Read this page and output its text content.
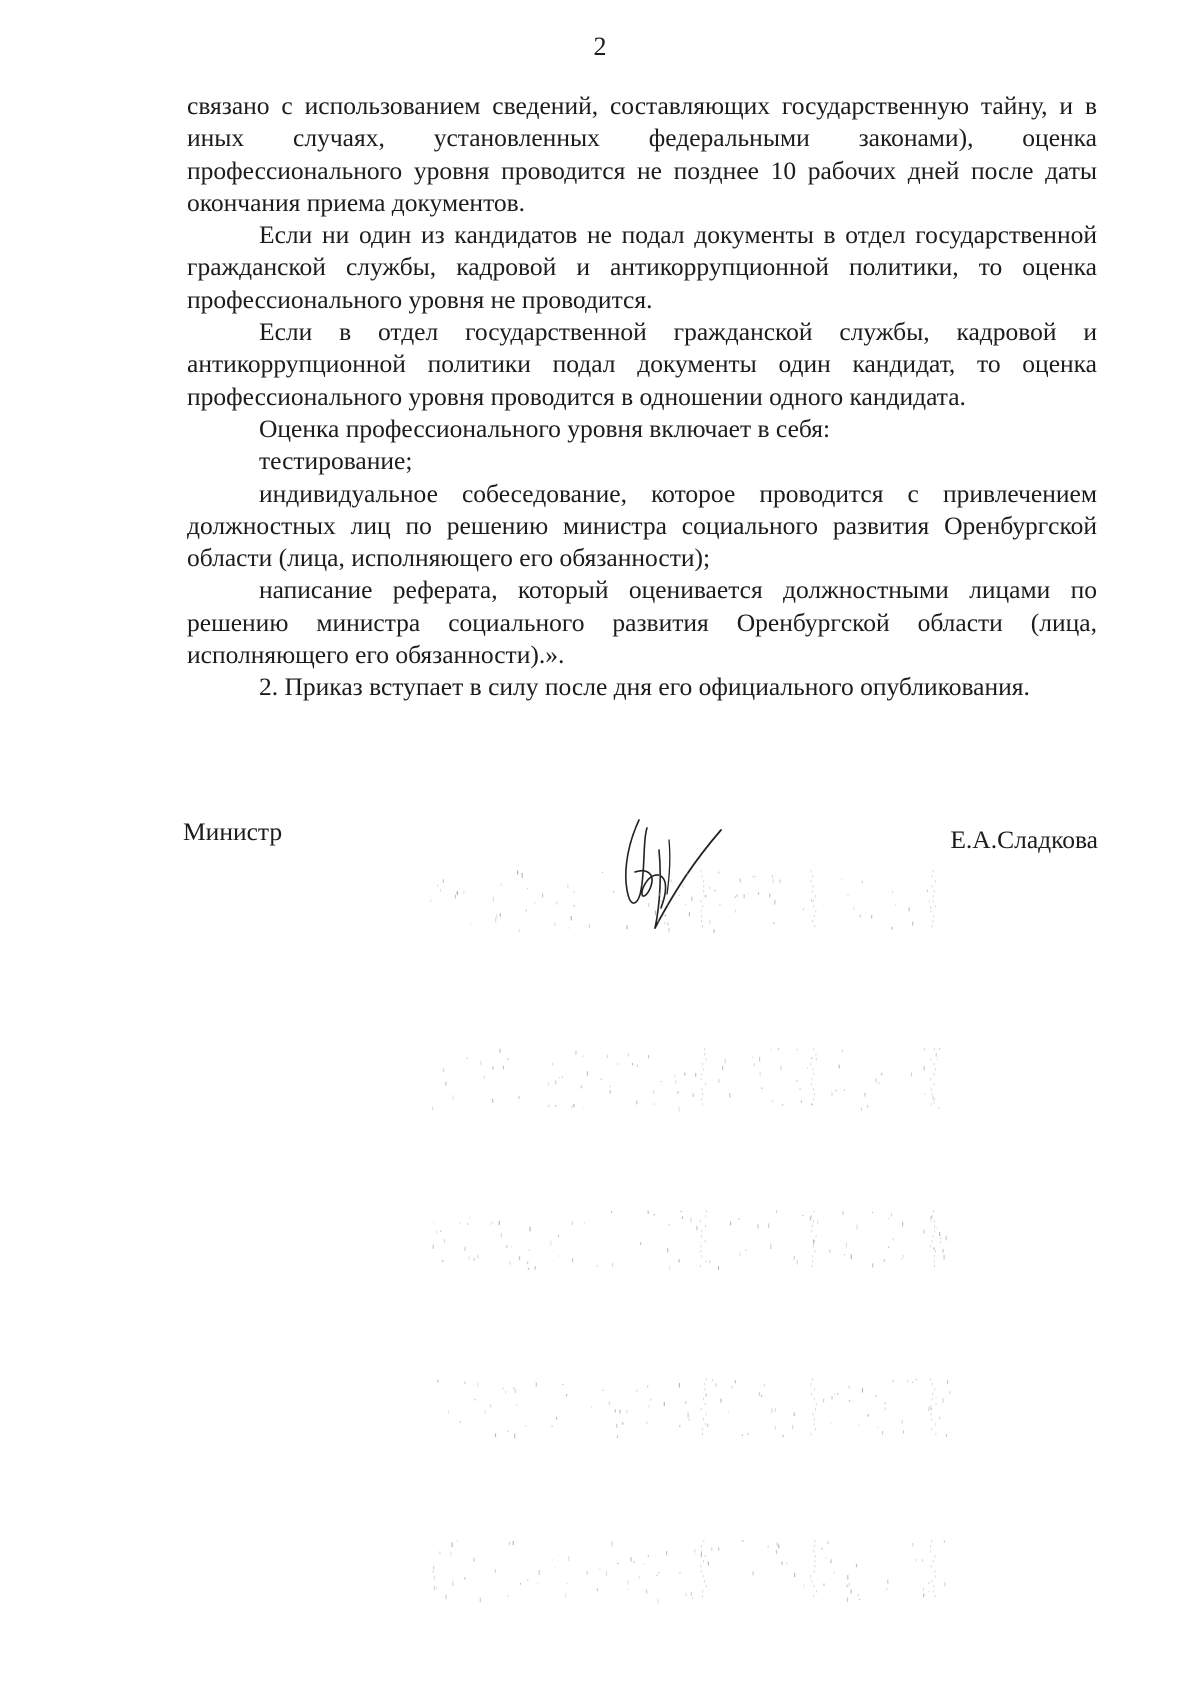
2

связано с использованием сведений, составляющих государственную тайну, и в иных случаях, установленных федеральными законами), оценка профессионального уровня проводится не позднее 10 рабочих дней после даты окончания приема документов.

Если ни один из кандидатов не подал документы в отдел государственной гражданской службы, кадровой и антикоррупционной политики, то оценка профессионального уровня не проводится.

Если в отдел государственной гражданской службы, кадровой и антикоррупционной политики подал документы один кандидат, то оценка профессионального уровня проводится в одношении одного кандидата.

Оценка профессионального уровня включает в себя:

тестирование;

индивидуальное собеседование, которое проводится с привлечением должностных лиц по решению министра социального развития Оренбургской области (лица, исполняющего его обязанности);

написание реферата, который оценивается должностными лицами по решению министра социального развития Оренбургской области (лица, исполняющего его обязанности).».

2. Приказ вступает в силу после дня его официального опубликования.

Министр	Е.А.Сладкова
